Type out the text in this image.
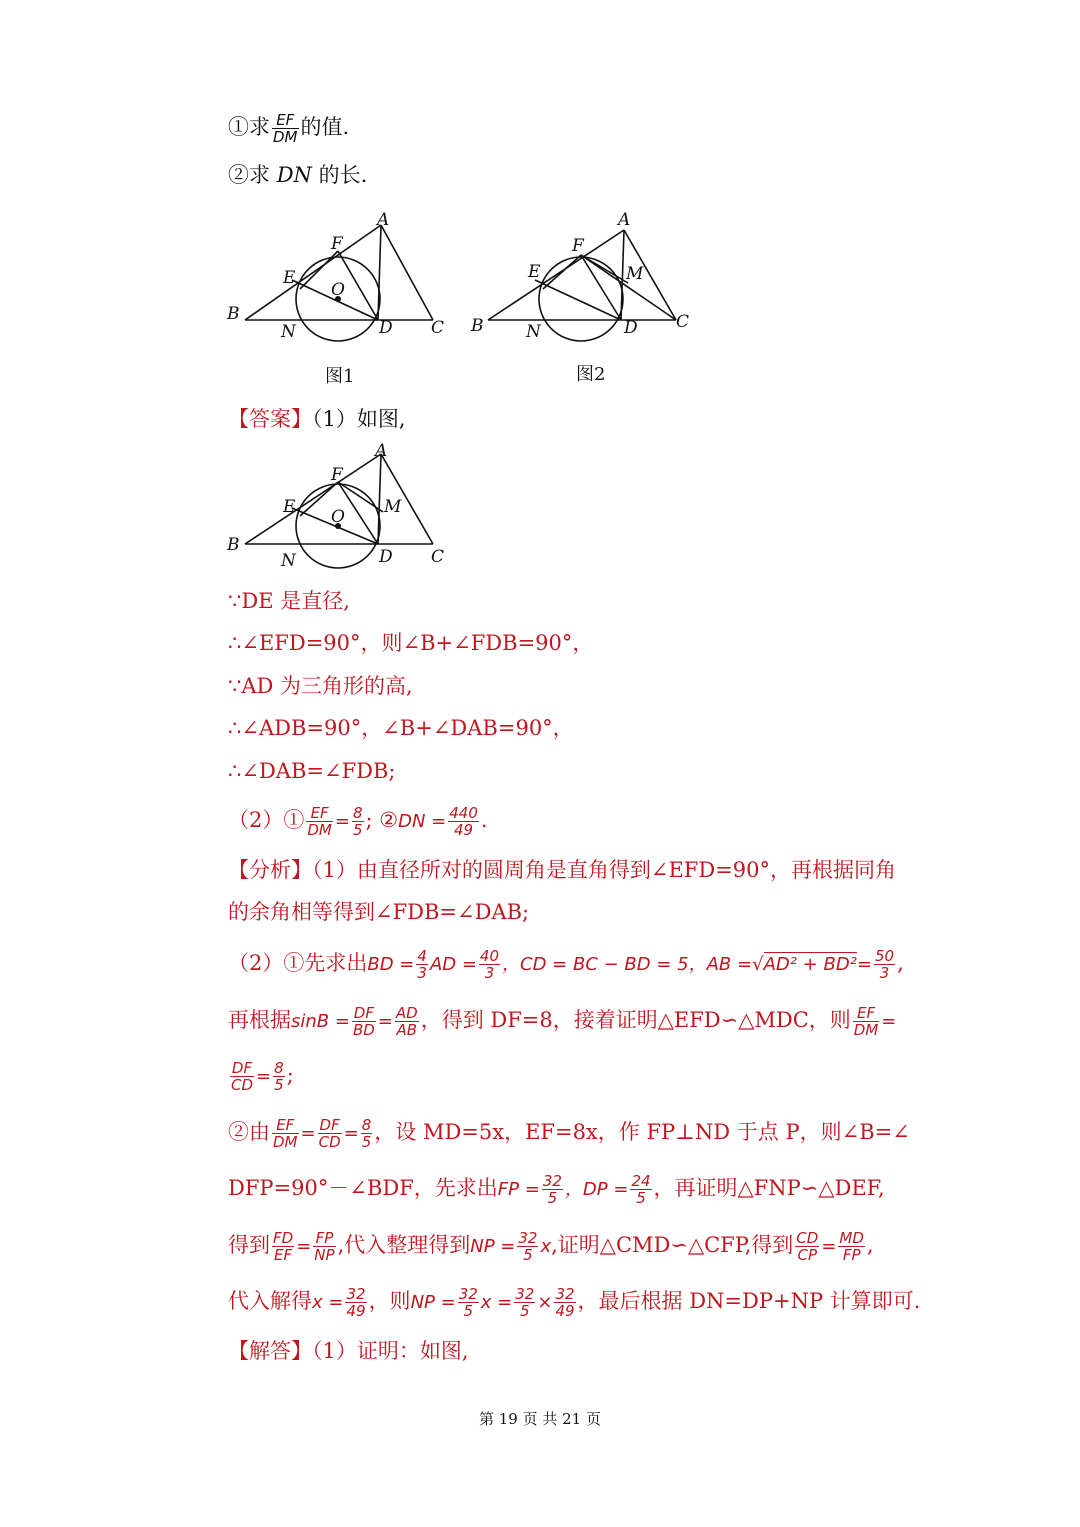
①求 $\frac{EF}{DM}$ 的值.
②求 DN 的长.
A
B
C
D
E
F
N
O
图1
A
B	C
D
E
F
N
M
图2
【答案】（1）如图,
A
B
C
D
E
F
N
O M
∵DE 是直径,
∴∠EFD=90°，则∠B+∠FDB=90°，
∵AD 为三角形的高,
∴∠ADB=90°，∠B+∠DAB=90°，
∴∠DAB=∠FDB;
（2）① $\frac{EF}{DM} = \frac{8}{5}$ ; ②DN = $\frac{440}{49}$ .
【分析】（1）由直径所对的圆周角是直角得到∠EFD=90°，再根据同角
的余角相等得到∠FDB=∠DAB;
（2）①先求出BD = $\frac{4}{3}$ AD = $\frac{40}{3}$ ，CD = BC − BD = 5，AB $=√AD^2 + BD^2= \frac{50}{3}$ ,
再根据$\sin B = \frac{DF}{BD} = \frac{AD}{AB}$ ，得到 DF=8，接着证明△EFD∽△MDC，则 $\frac{EF}{DM}$ =
$\frac{DF}{CD} = \frac{8}{5}$ ;
②由 $\frac{EF}{DM} = \frac{DF}{CD} = \frac{8}{5}$ ，设 MD=5x，EF=8x，作 FP⊥ND 于点 P，则∠B=∠
DFP=90°－∠BDF，先求出FP = $\frac{32}{5}$ ，DP = $\frac{24}{5}$ ，再证明△FNP∽△DEF,
得到 $\frac{FD}{EF} = \frac{FP}{NP}$ ,代入整理得到NP = $\frac{32}{5} x$,证明△CMD∽△CFP,得到 $\frac{CD}{CP} = \frac{MD}{FP}$ ,
代入解得$x = \frac{32}{49}$ ，则NP = $\frac{32}{5}$ $x = \frac{32}{5} \times \frac{32}{49}$ ，最后根据 DN=DP+NP 计算即可.
【解答】（1）证明：如图,
第 19 页 共 21 页
